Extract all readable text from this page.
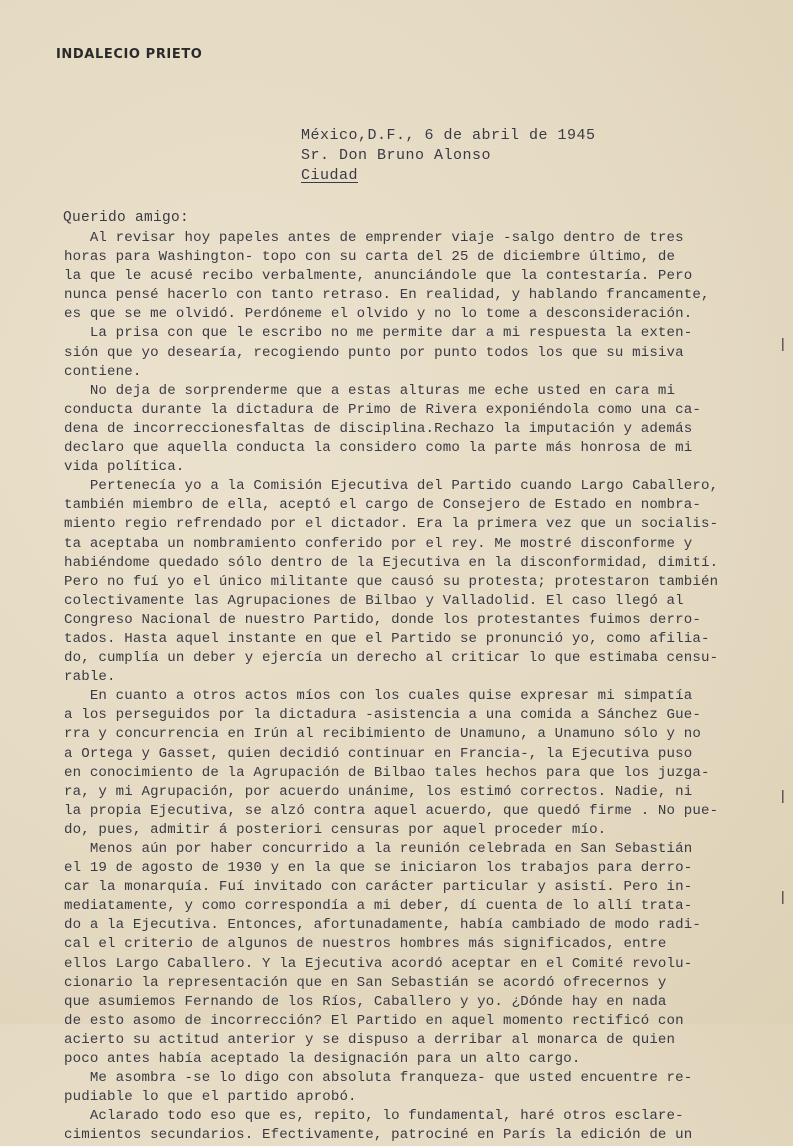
INDALECIO PRIETO
México,D.F., 6 de abril de 1945
Sr. Don Bruno Alonso
Ciudad
Querido amigo:
Al revisar hoy papeles antes de emprender viaje -salgo dentro de tres
horas para Washington- topo con su carta del 25 de diciembre último, de
la que le acusé recibo verbalmente, anunciándole que la contestaría. Pero
nunca pensé hacerlo con tanto retraso. En realidad, y hablando francamente,
es que se me olvidó. Perdóneme el olvido y no lo tome a desconsideración.
La prisa con que le escribo no me permite dar a mi respuesta la exten-
sión que yo desearía, recogiendo punto por punto todos los que su misiva
contiene.
No deja de sorprenderme que a estas alturas me eche usted en cara mi
conducta durante la dictadura de Primo de Rivera exponiéndola como una ca-
dena de incorreccionesfaltas de disciplina.Rechazo la imputación y además
declaro que aquella conducta la considero como la parte más honrosa de mi
vida política.
Pertenecía yo a la Comisión Ejecutiva del Partido cuando Largo Caballero,
también miembro de ella, aceptó el cargo de Consejero de Estado en nombra-
miento regio refrendado por el dictador. Era la primera vez que un socialis-
ta aceptaba un nombramiento conferido por el rey. Me mostré disconforme y
habiéndome quedado sólo dentro de la Ejecutiva en la disconformidad, dimití.
Pero no fuí yo el único militante que causó su protesta; protestaron también
colectivamente las Agrupaciones de Bilbao y Valladolid. El caso llegó al
Congreso Nacional de nuestro Partido, donde los protestantes fuimos derro-
tados. Hasta aquel instante en que el Partido se pronunció yo, como afilia-
do, cumplía un deber y ejercía un derecho al criticar lo que estimaba censu-
rable.
En cuanto a otros actos míos con los cuales quise expresar mi simpatía
a los perseguidos por la dictadura -asistencia a una comida a Sánchez Gue-
rra y concurrencia en Irún al recibimiento de Unamuno, a Unamuno sólo y no
a Ortega y Gasset, quien decidió continuar en Francia-, la Ejecutiva puso
en conocimiento de la Agrupación de Bilbao tales hechos para que los juzga-
ra, y mi Agrupación, por acuerdo unánime, los estimó correctos. Nadie, ni
la propia Ejecutiva, se alzó contra aquel acuerdo, que quedó firme . No pue-
do, pues, admitir á posteriori censuras por aquel proceder mío.
Menos aún por haber concurrido a la reunión celebrada en San Sebastián
el 19 de agosto de 1930 y en la que se iniciaron los trabajos para derro-
car la monarquía. Fuí invitado con carácter particular y asistí. Pero in-
mediatamente, y como correspondía a mi deber, dí cuenta de lo allí trata-
do a la Ejecutiva. Entonces, afortunadamente, había cambiado de modo radi-
cal el criterio de algunos de nuestros hombres más significados, entre
ellos Largo Caballero. Y la Ejecutiva acordó aceptar en el Comité revolu-
cionario la representación que en San Sebastián se acordó ofrecernos y
que asumiemos Fernando de los Ríos, Caballero y yo. ¿Dónde hay en nada
de esto asomo de incorrección? El Partido en aquel momento rectificó con
acierto su actitud anterior y se dispuso a derribar al monarca de quien
poco antes había aceptado la designación para un alto cargo.
Me asombra -se lo digo con absoluta franqueza- que usted encuentre re-
pudiable lo que el partido aprobó.
Aclarado todo eso que es, repito, lo fundamental, haré otros esclare-
cimientos secundarios. Efectivamente, patrociné en París la edición de un
|
|
|
